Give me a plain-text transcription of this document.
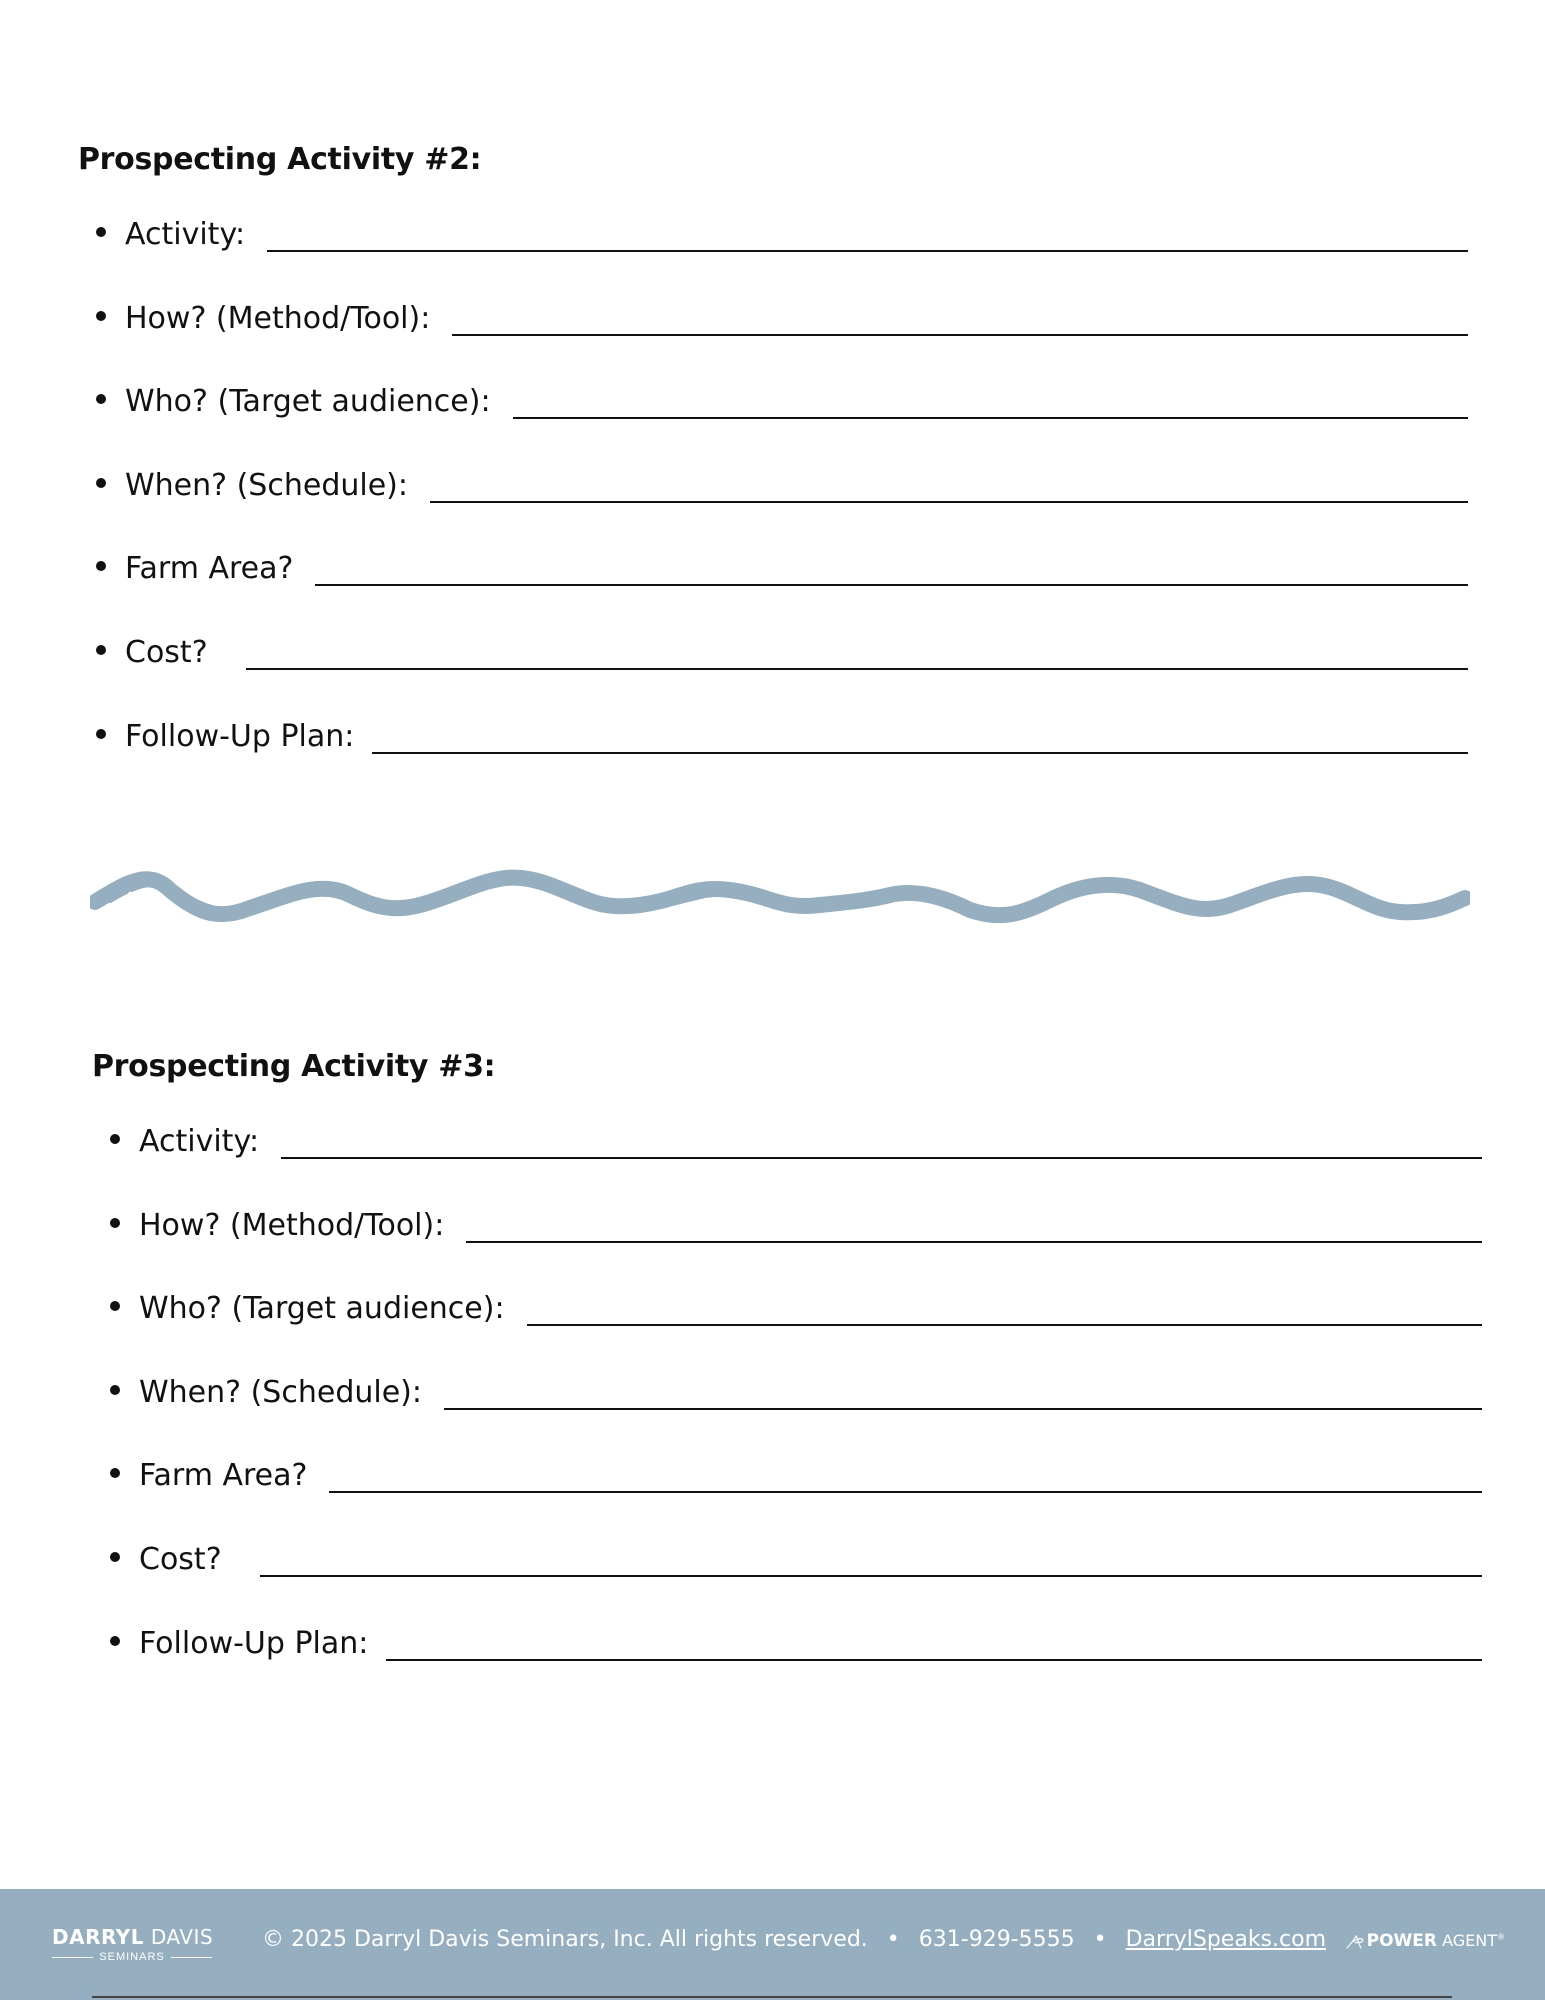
Prospecting Activity #2:
Activity:
How? (Method/Tool):
Who? (Target audience):
When? (Schedule):
Farm Area?
Cost?
Follow-Up Plan:
Prospecting Activity #3:
Activity:
How? (Method/Tool):
Who? (Target audience):
When? (Schedule):
Farm Area?
Cost?
Follow-Up Plan:
DARRYL DAVIS
SEMINARS
© 2025 Darryl Davis Seminars, Inc. All rights reserved. • 631-929-5555 • DarrylSpeaks.com POWER AGENT®
